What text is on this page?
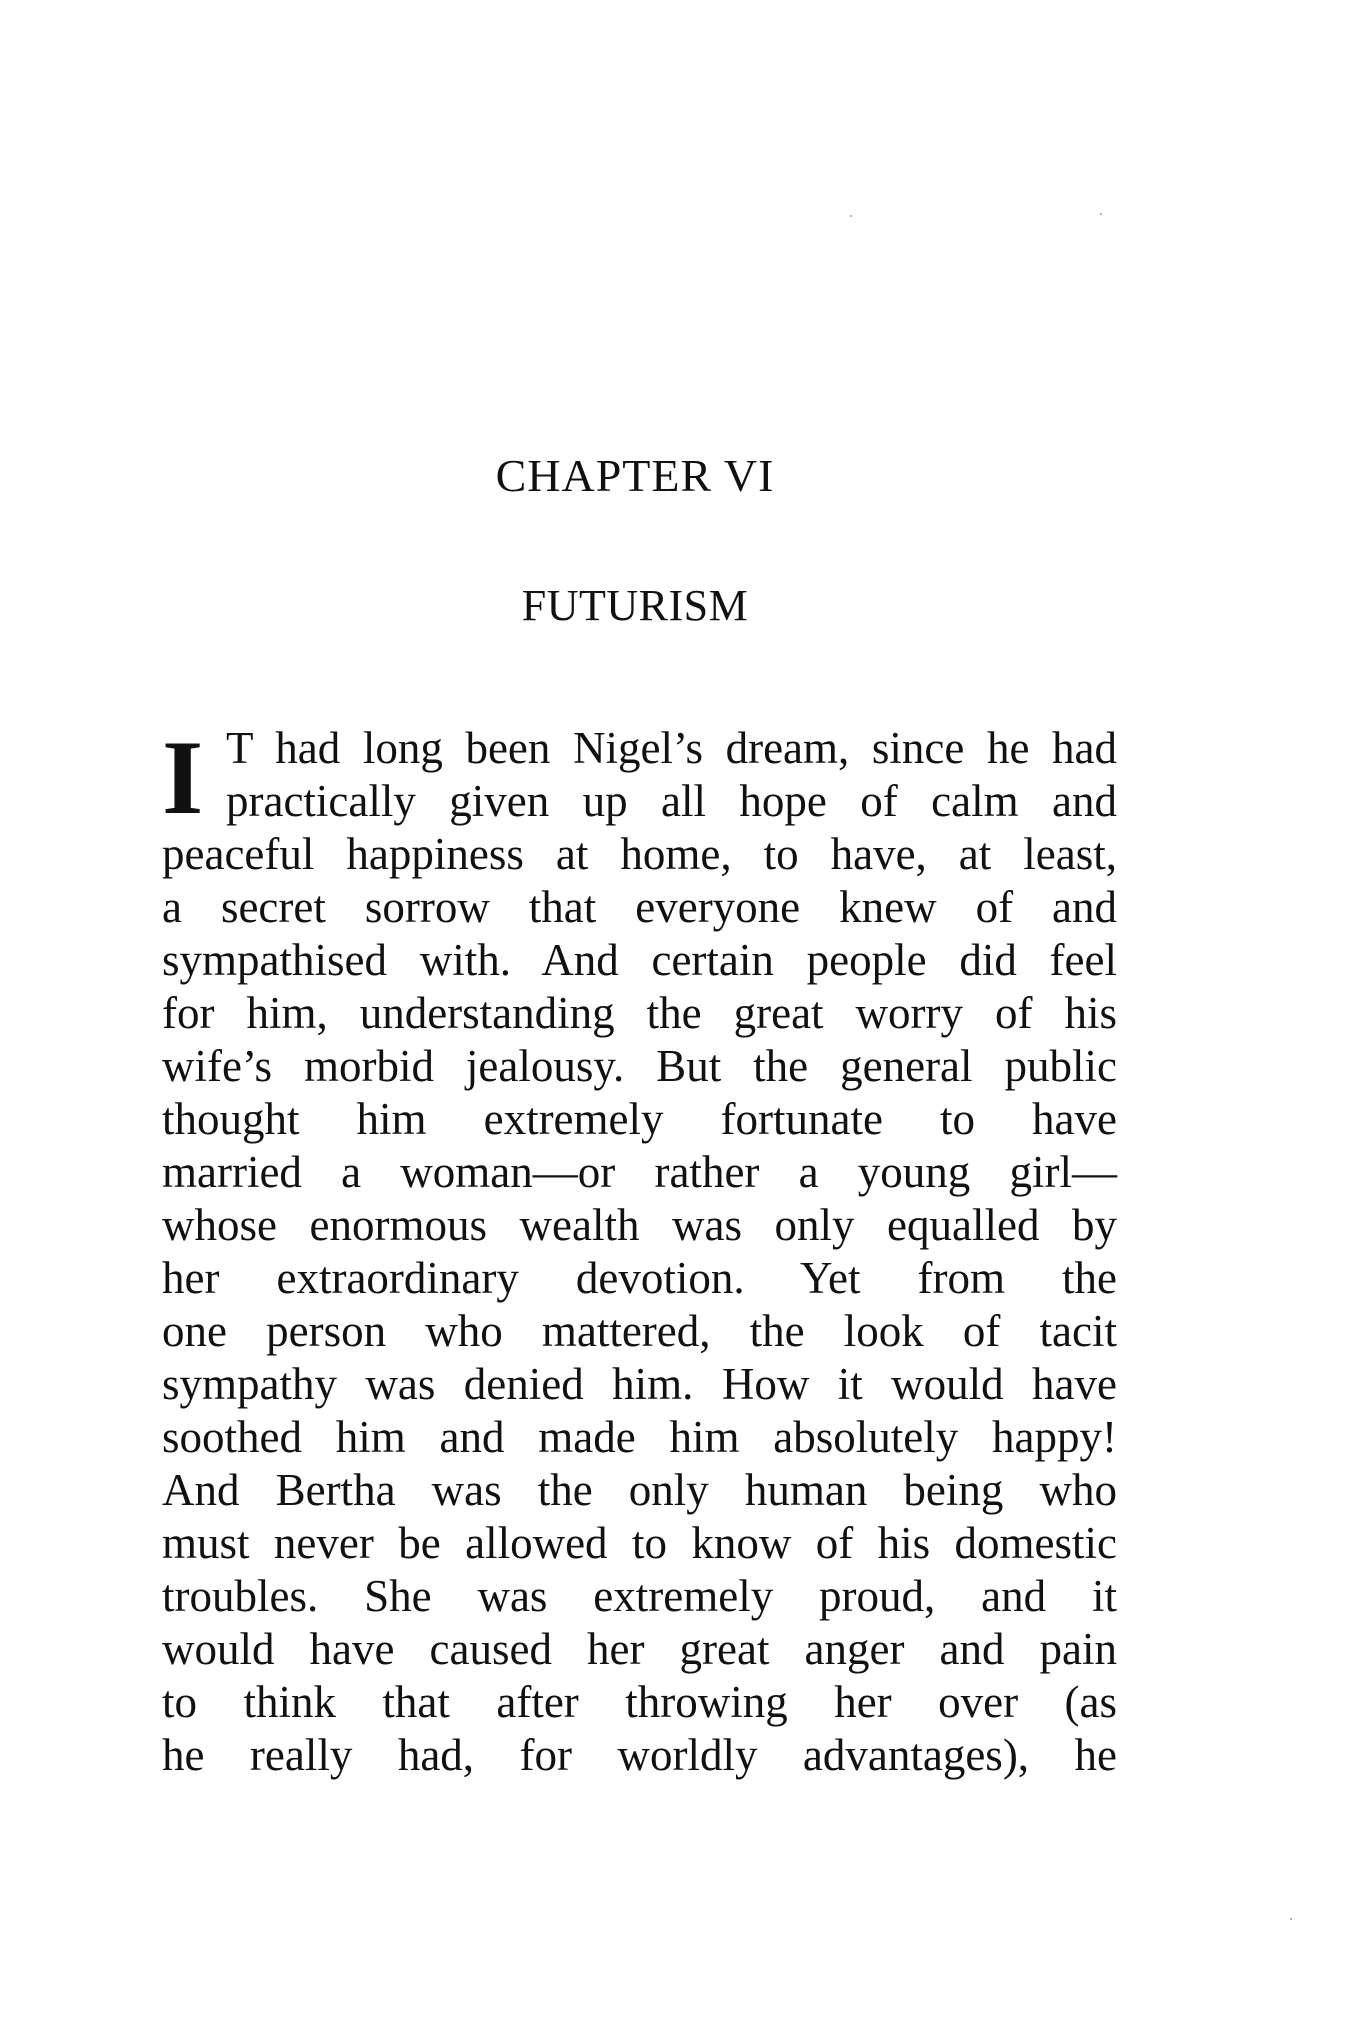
CHAPTER VI
FUTURISM
I T had long been Nigel’s dream, since he had
practically given up all hope of calm and
peaceful happiness at home, to have, at least,
a secret sorrow that everyone knew of and
sympathised with. And certain people did feel
for him, understanding the great worry of his
wife’s morbid jealousy. But the general public
thought him extremely fortunate to have
married a woman—or rather a young girl—
whose enormous wealth was only equalled by
her extraordinary devotion. Yet from the
one person who mattered, the look of tacit
sympathy was denied him. How it would have
soothed him and made him absolutely happy!
And Bertha was the only human being who
must never be allowed to know of his domestic
troubles. She was extremely proud, and it
would have caused her great anger and pain
to think that after throwing her over (as
he really had, for worldly advantages), he
